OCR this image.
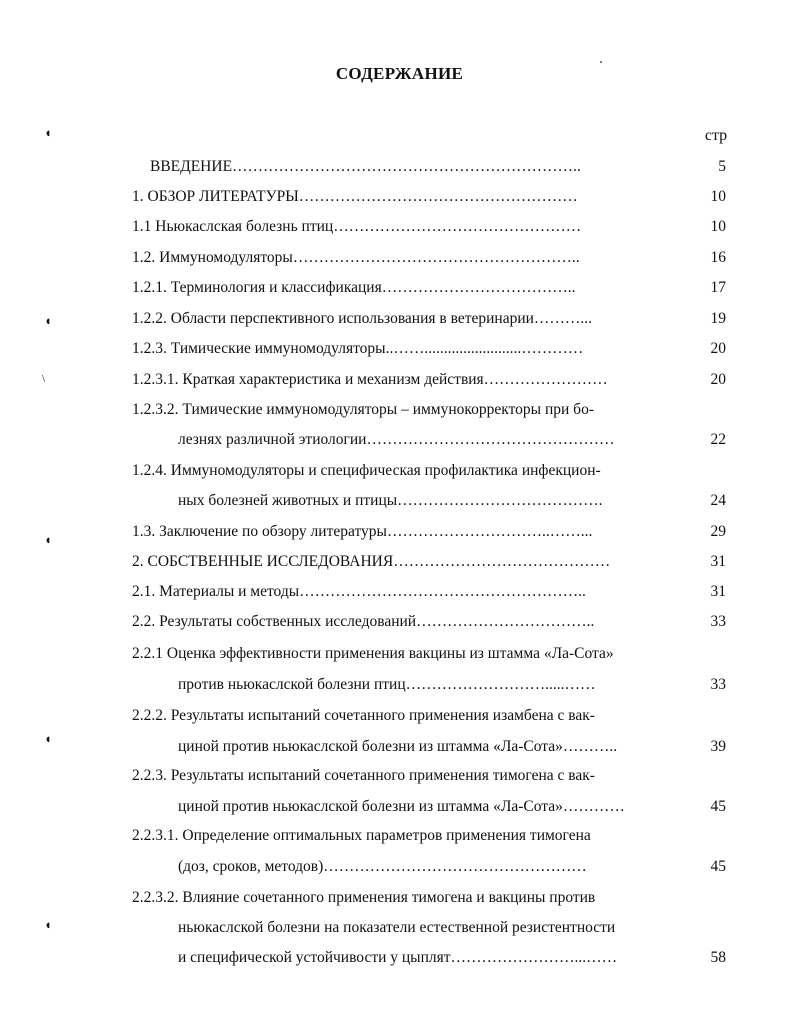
СОДЕРЖАНИЕ
стр
ВВЕДЕНИЕ…………………………………………………………..	5
1. ОБЗОР ЛИТЕРАТУРЫ………………………………………………	10
1.1 Ньюкаслская болезнь птиц…………………………………………	10
1.2. Иммуномодуляторы………………………………………………..	16
1.2.1. Терминология и классификация………………………………..	17
1.2.2. Области перспективного использования в ветеринарии………...	19
1.2.3. Тимические иммуномодуляторы..…….........................…………	20
1.2.3.1. Краткая характеристика и механизм действия……………………	20
1.2.3.2. Тимические иммуномодуляторы – иммунокорректоры при бо-
лезнях различной этиологии…………………………………………	22
1.2.4. Иммуномодуляторы и специфическая профилактика инфекцион-
ных болезней животных и птицы………………………………….	24
1.3. Заключение по обзору литературы…………………………..……...	29
2. СОБСТВЕННЫЕ ИССЛЕДОВАНИЯ……………………………………	31
2.1. Материалы и методы………………………………………………..	31
2.2. Результаты собственных исследований……………………………..	33
2.2.1 Оценка эффективности применения вакцины из штамма «Ла-Сота»
против ньюкаслской болезни птиц……………………….....……	33
2.2.2. Результаты испытаний сочетанного применения изамбена с вак-
циной против ньюкаслской болезни из штамма «Ла-Сота»………..	39
2.2.3. Результаты испытаний сочетанного применения тимогена с вак-
циной против ньюкаслской болезни из штамма «Ла-Сота»…………	45
2.2.3.1. Определение оптимальных параметров применения тимогена
(доз, сроков, методов)……………………………………………	45
2.2.3.2. Влияние сочетанного применения тимогена и вакцины против
ньюкаслской болезни на показатели естественной резистентности
и специфической устойчивости у цыплят……………………...……	58
◖
◖
\
◖
◖
◖
